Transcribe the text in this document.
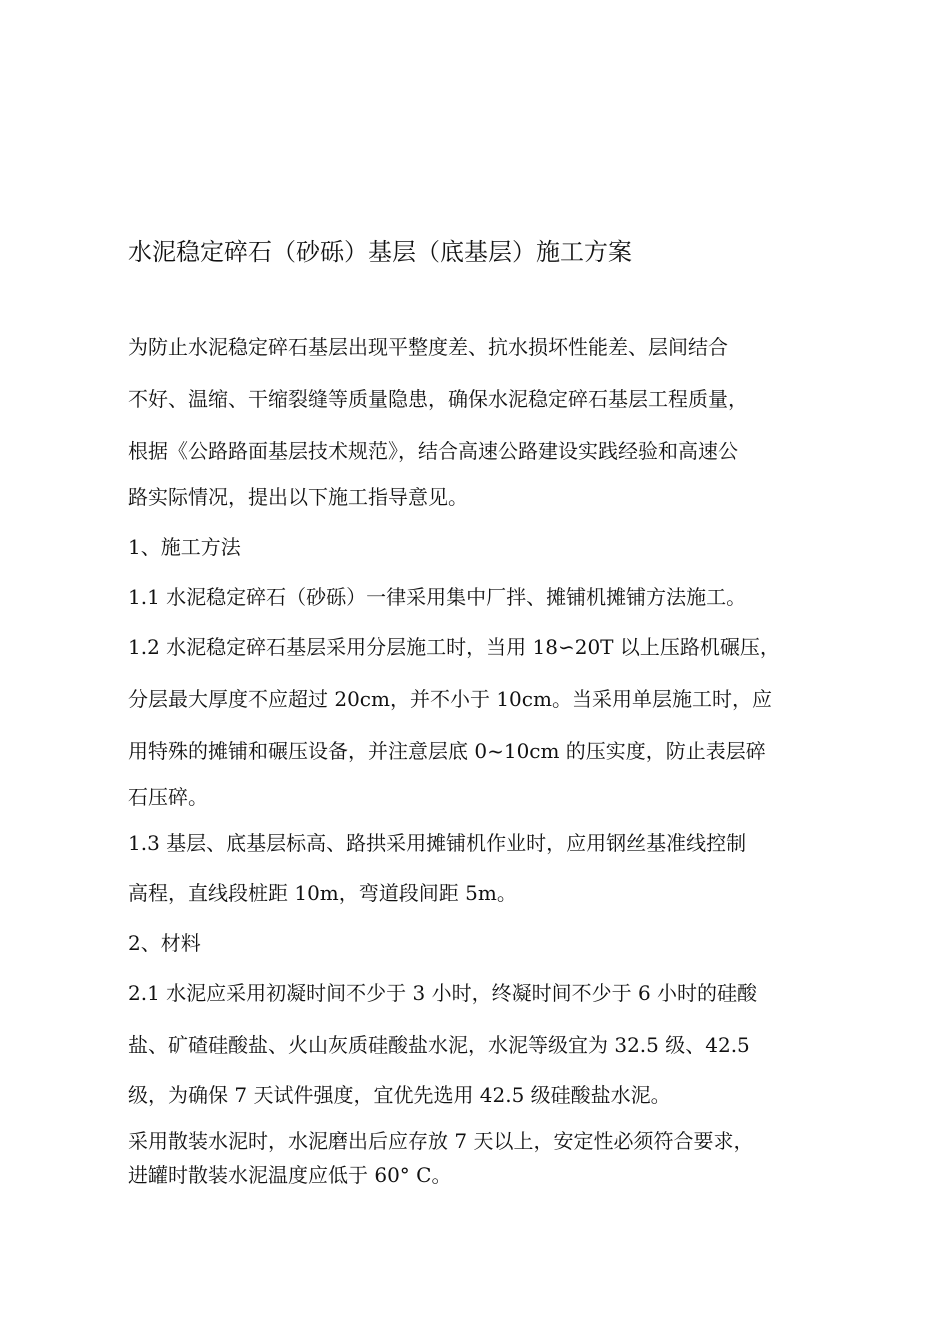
水泥稳定碎石（砂砾）基层（底基层）施工方案
为防止水泥稳定碎石基层出现平整度差、抗水损坏性能差、层间结合
不好、温缩、干缩裂缝等质量隐患，确保水泥稳定碎石基层工程质量，
根据《公路路面基层技术规范》，结合高速公路建设实践经验和高速公
路实际情况，提出以下施工指导意见。
1、施工方法
1.1 水泥稳定碎石（砂砾）一律采用集中厂拌、摊铺机摊铺方法施工。
1.2 水泥稳定碎石基层采用分层施工时，当用 18∽20T 以上压路机碾压，
分层最大厚度不应超过 20cm，并不小于 10cm。当采用单层施工时，应
用特殊的摊铺和碾压设备，并注意层底 0~10cm 的压实度，防止表层碎
石压碎。
1.3 基层、底基层标高、路拱采用摊铺机作业时，应用钢丝基准线控制
高程，直线段桩距 10m，弯道段间距 5m。
2、材料
2.1 水泥应采用初凝时间不少于 3 小时，终凝时间不少于 6 小时的硅酸
盐、矿碴硅酸盐、火山灰质硅酸盐水泥，水泥等级宜为 32.5 级、42.5
级，为确保 7 天试件强度，宜优先选用 42.5 级硅酸盐水泥。
采用散装水泥时，水泥磨出后应存放 7 天以上，安定性必须符合要求，
进罐时散装水泥温度应低于 60° C。
